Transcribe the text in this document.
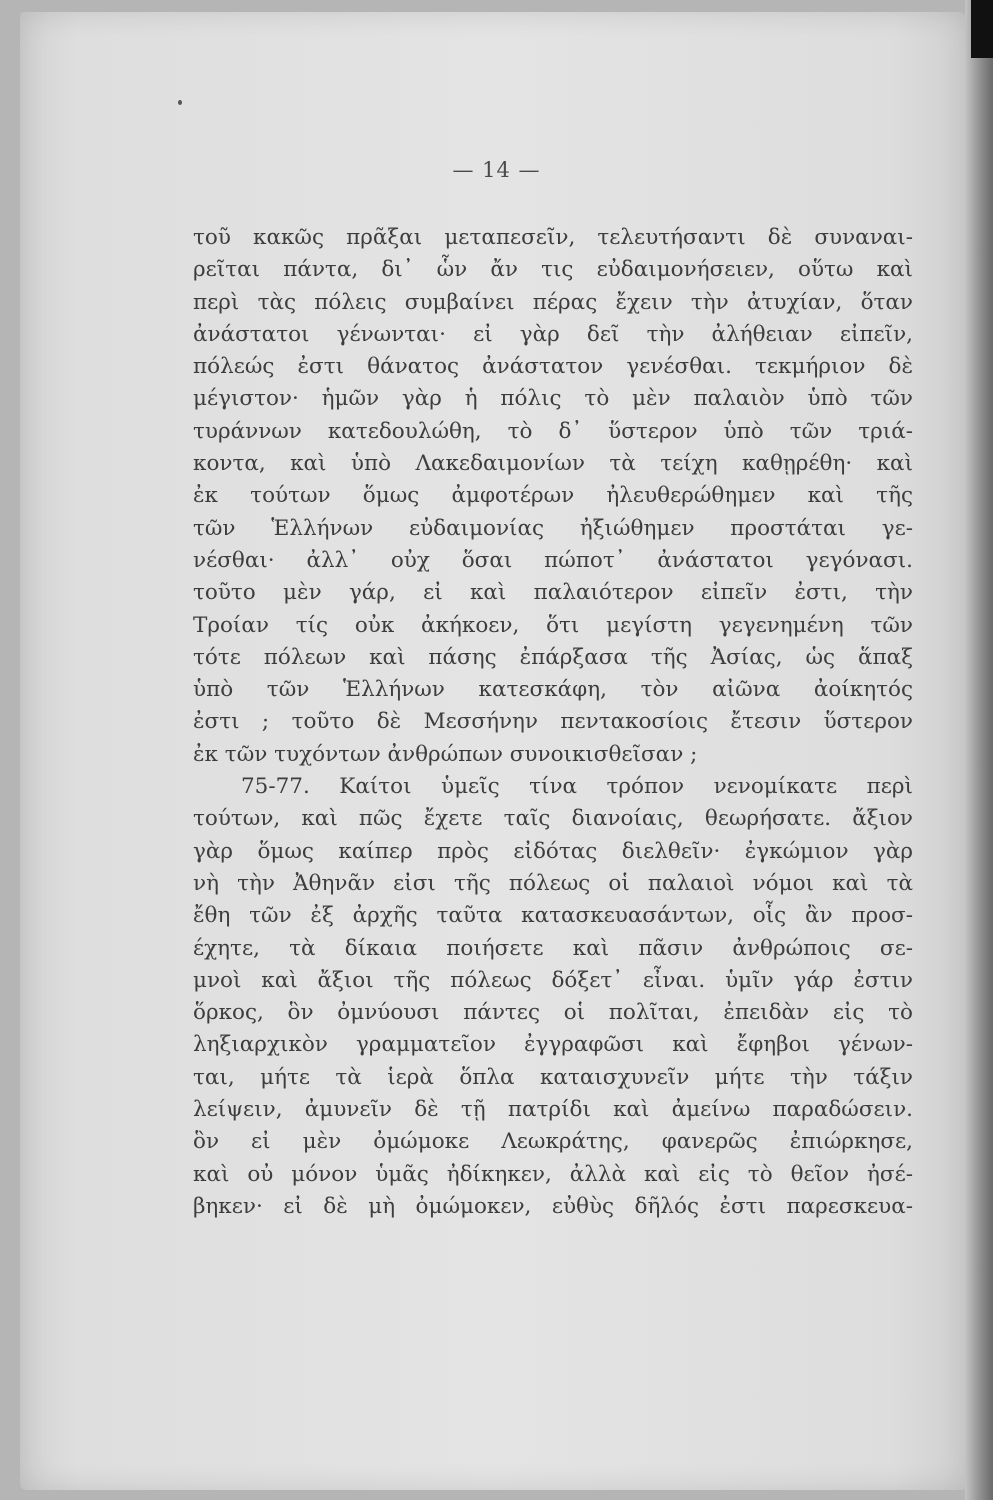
— 14 —
τοῦ κακῶς πρᾶξαι μεταπεσεῖν, τελευτήσαντι δὲ συναναι-
ρεῖται πάντα, δι᾽ ὧν ἄν τις εὐδαιμονήσειεν, οὕτω καὶ
περὶ τὰς πόλεις συμβαίνει πέρας ἔχειν τὴν ἀτυχίαν, ὅταν
ἀνάστατοι γένωνται· εἰ γὰρ δεῖ τὴν ἀλήθειαν εἰπεῖν,
πόλεώς ἐστι θάνατος ἀνάστατον γενέσθαι. τεκμήριον δὲ
μέγιστον· ἡμῶν γὰρ ἡ πόλις τὸ μὲν παλαιὸν ὑπὸ τῶν
τυράννων κατεδουλώθη, τὸ δ᾽ ὕστερον ὑπὸ τῶν τριά-
κοντα, καὶ ὑπὸ Λακεδαιμονίων τὰ τείχη καθῃρέθη· καὶ
ἐκ τούτων ὅμως ἀμφοτέρων ἠλευθερώθημεν καὶ τῆς
τῶν Ἑλλήνων εὐδαιμονίας ἠξιώθημεν προστάται γε-
νέσθαι· ἀλλ᾽ οὐχ ὅσαι πώποτ᾽ ἀνάστατοι γεγόνασι.
τοῦτο μὲν γάρ, εἰ καὶ παλαιότερον εἰπεῖν ἐστι, τὴν
Τροίαν τίς οὐκ ἀκήκοεν, ὅτι μεγίστη γεγενημένη τῶν
τότε πόλεων καὶ πάσης ἐπάρξασα τῆς Ἀσίας, ὡς ἅπαξ
ὑπὸ τῶν Ἑλλήνων κατεσκάφη, τὸν αἰῶνα ἀοίκητός
ἐστι ; τοῦτο δὲ Μεσσήνην πεντακοσίοις ἔτεσιν ὕστερον
ἐκ τῶν τυχόντων ἀνθρώπων συνοικισθεῖσαν ;
75-77. Καίτοι ὑμεῖς τίνα τρόπον νενομίκατε περὶ
τούτων, καὶ πῶς ἔχετε ταῖς διανοίαις, θεωρήσατε. ἄξιον
γὰρ ὅμως καίπερ πρὸς εἰδότας διελθεῖν· ἐγκώμιον γὰρ
νὴ τὴν Ἀθηνᾶν εἰσι τῆς πόλεως οἱ παλαιοὶ νόμοι καὶ τὰ
ἔθη τῶν ἐξ ἀρχῆς ταῦτα κατασκευασάντων, οἷς ἂν προσ-
έχητε, τὰ δίκαια ποιήσετε καὶ πᾶσιν ἀνθρώποις σε-
μνοὶ καὶ ἄξιοι τῆς πόλεως δόξετ᾽ εἶναι. ὑμῖν γάρ ἐστιν
ὅρκος, ὃν ὀμνύουσι πάντες οἱ πολῖται, ἐπειδὰν εἰς τὸ
ληξιαρχικὸν γραμματεῖον ἐγγραφῶσι καὶ ἔφηβοι γένων-
ται, μήτε τὰ ἱερὰ ὅπλα καταισχυνεῖν μήτε τὴν τάξιν
λείψειν, ἀμυνεῖν δὲ τῇ πατρίδι καὶ ἀμείνω παραδώσειν.
ὃν εἰ μὲν ὀμώμοκε Λεωκράτης, φανερῶς ἐπιώρκησε,
καὶ οὐ μόνον ὑμᾶς ἠδίκηκεν, ἀλλὰ καὶ εἰς τὸ θεῖον ἠσέ-
βηκεν· εἰ δὲ μὴ ὀμώμοκεν, εὐθὺς δῆλός ἐστι παρεσκευα-
